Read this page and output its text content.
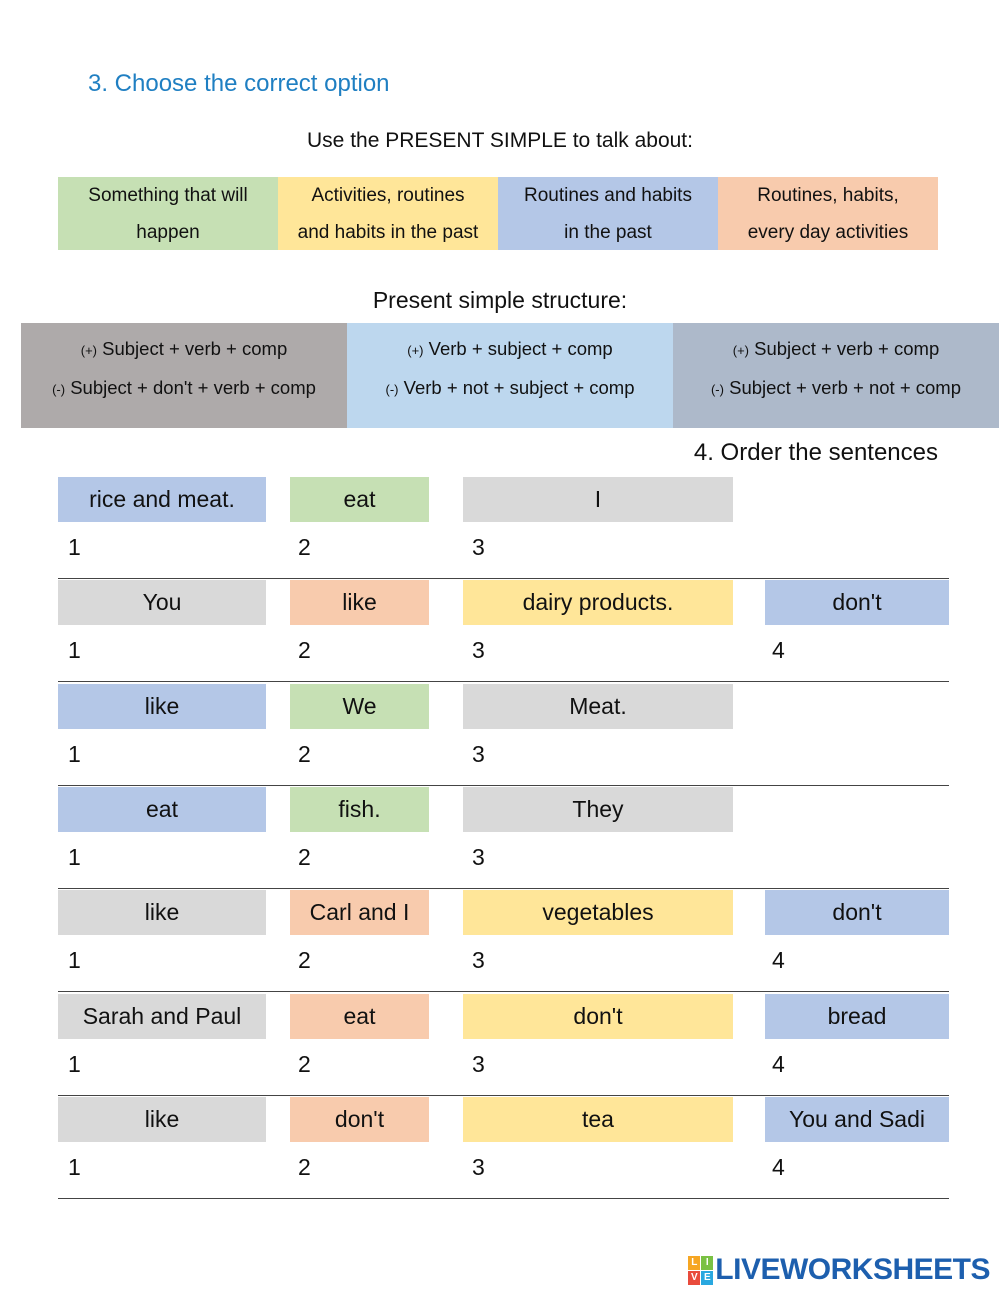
3. Choose the correct option
Use the PRESENT SIMPLE to talk about:
Something that will
happen
Activities, routines
and habits in the past
Routines and habits
in the past
Routines, habits,
every day activities
Present simple structure:
(+) Subject + verb + comp
(-) Subject + don't + verb + comp
(+) Verb + subject + comp
(-) Verb + not + subject + comp
(+) Subject + verb + comp
(-) Subject + verb + not + comp
4. Order the sentences
rice and meat.	eat	I
1	2	3
You	like	dairy products.	don't
1	2	3	4
like	We	Meat.
1	2	3
eat	fish.	They
1	2	3
like	Carl and I	vegetables	don't
1	2	3	4
Sarah and Paul	eat	don't	bread
1	2	3	4
like	don't	tea	You and Sadi
1	2	3	4
L I
V E LIVEWORKSHEETS
